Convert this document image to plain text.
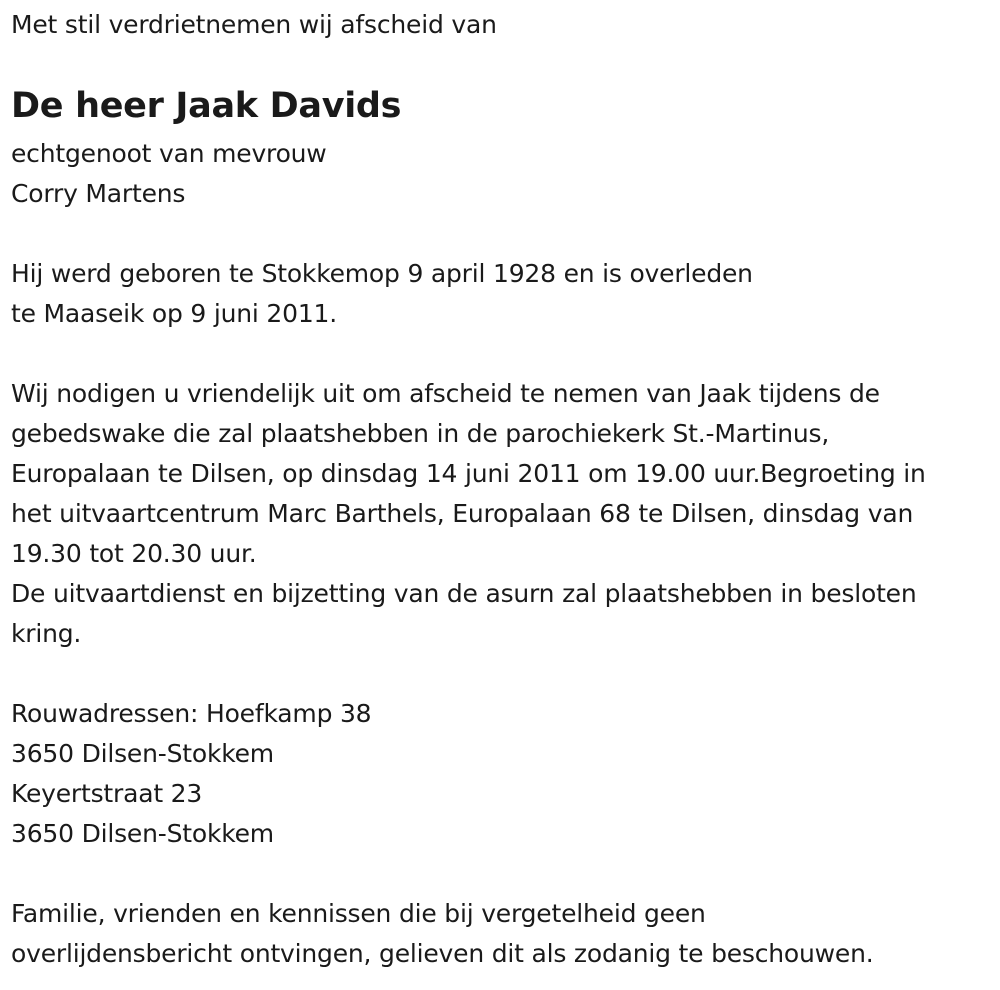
Met stil verdrietnemen wij afscheid van
De heer Jaak Davids
echtgenoot van mevrouw
Corry Martens
Hij werd geboren te Stokkemop 9 april 1928 en is overleden
te Maaseik op 9 juni 2011.
Wij nodigen u vriendelijk uit om afscheid te nemen van Jaak tijdens de
gebedswake die zal plaatshebben in de parochiekerk St.-Martinus,
Europalaan te Dilsen, op dinsdag 14 juni 2011 om 19.00 uur.Begroeting in
het uitvaartcentrum Marc Barthels, Europalaan 68 te Dilsen, dinsdag van
19.30 tot 20.30 uur.
De uitvaartdienst en bijzetting van de asurn zal plaatshebben in besloten
kring.
Rouwadressen: Hoefkamp 38
3650 Dilsen-Stokkem
Keyertstraat 23
3650 Dilsen-Stokkem
Familie, vrienden en kennissen die bij vergetelheid geen
overlijdensbericht ontvingen, gelieven dit als zodanig te beschouwen.
